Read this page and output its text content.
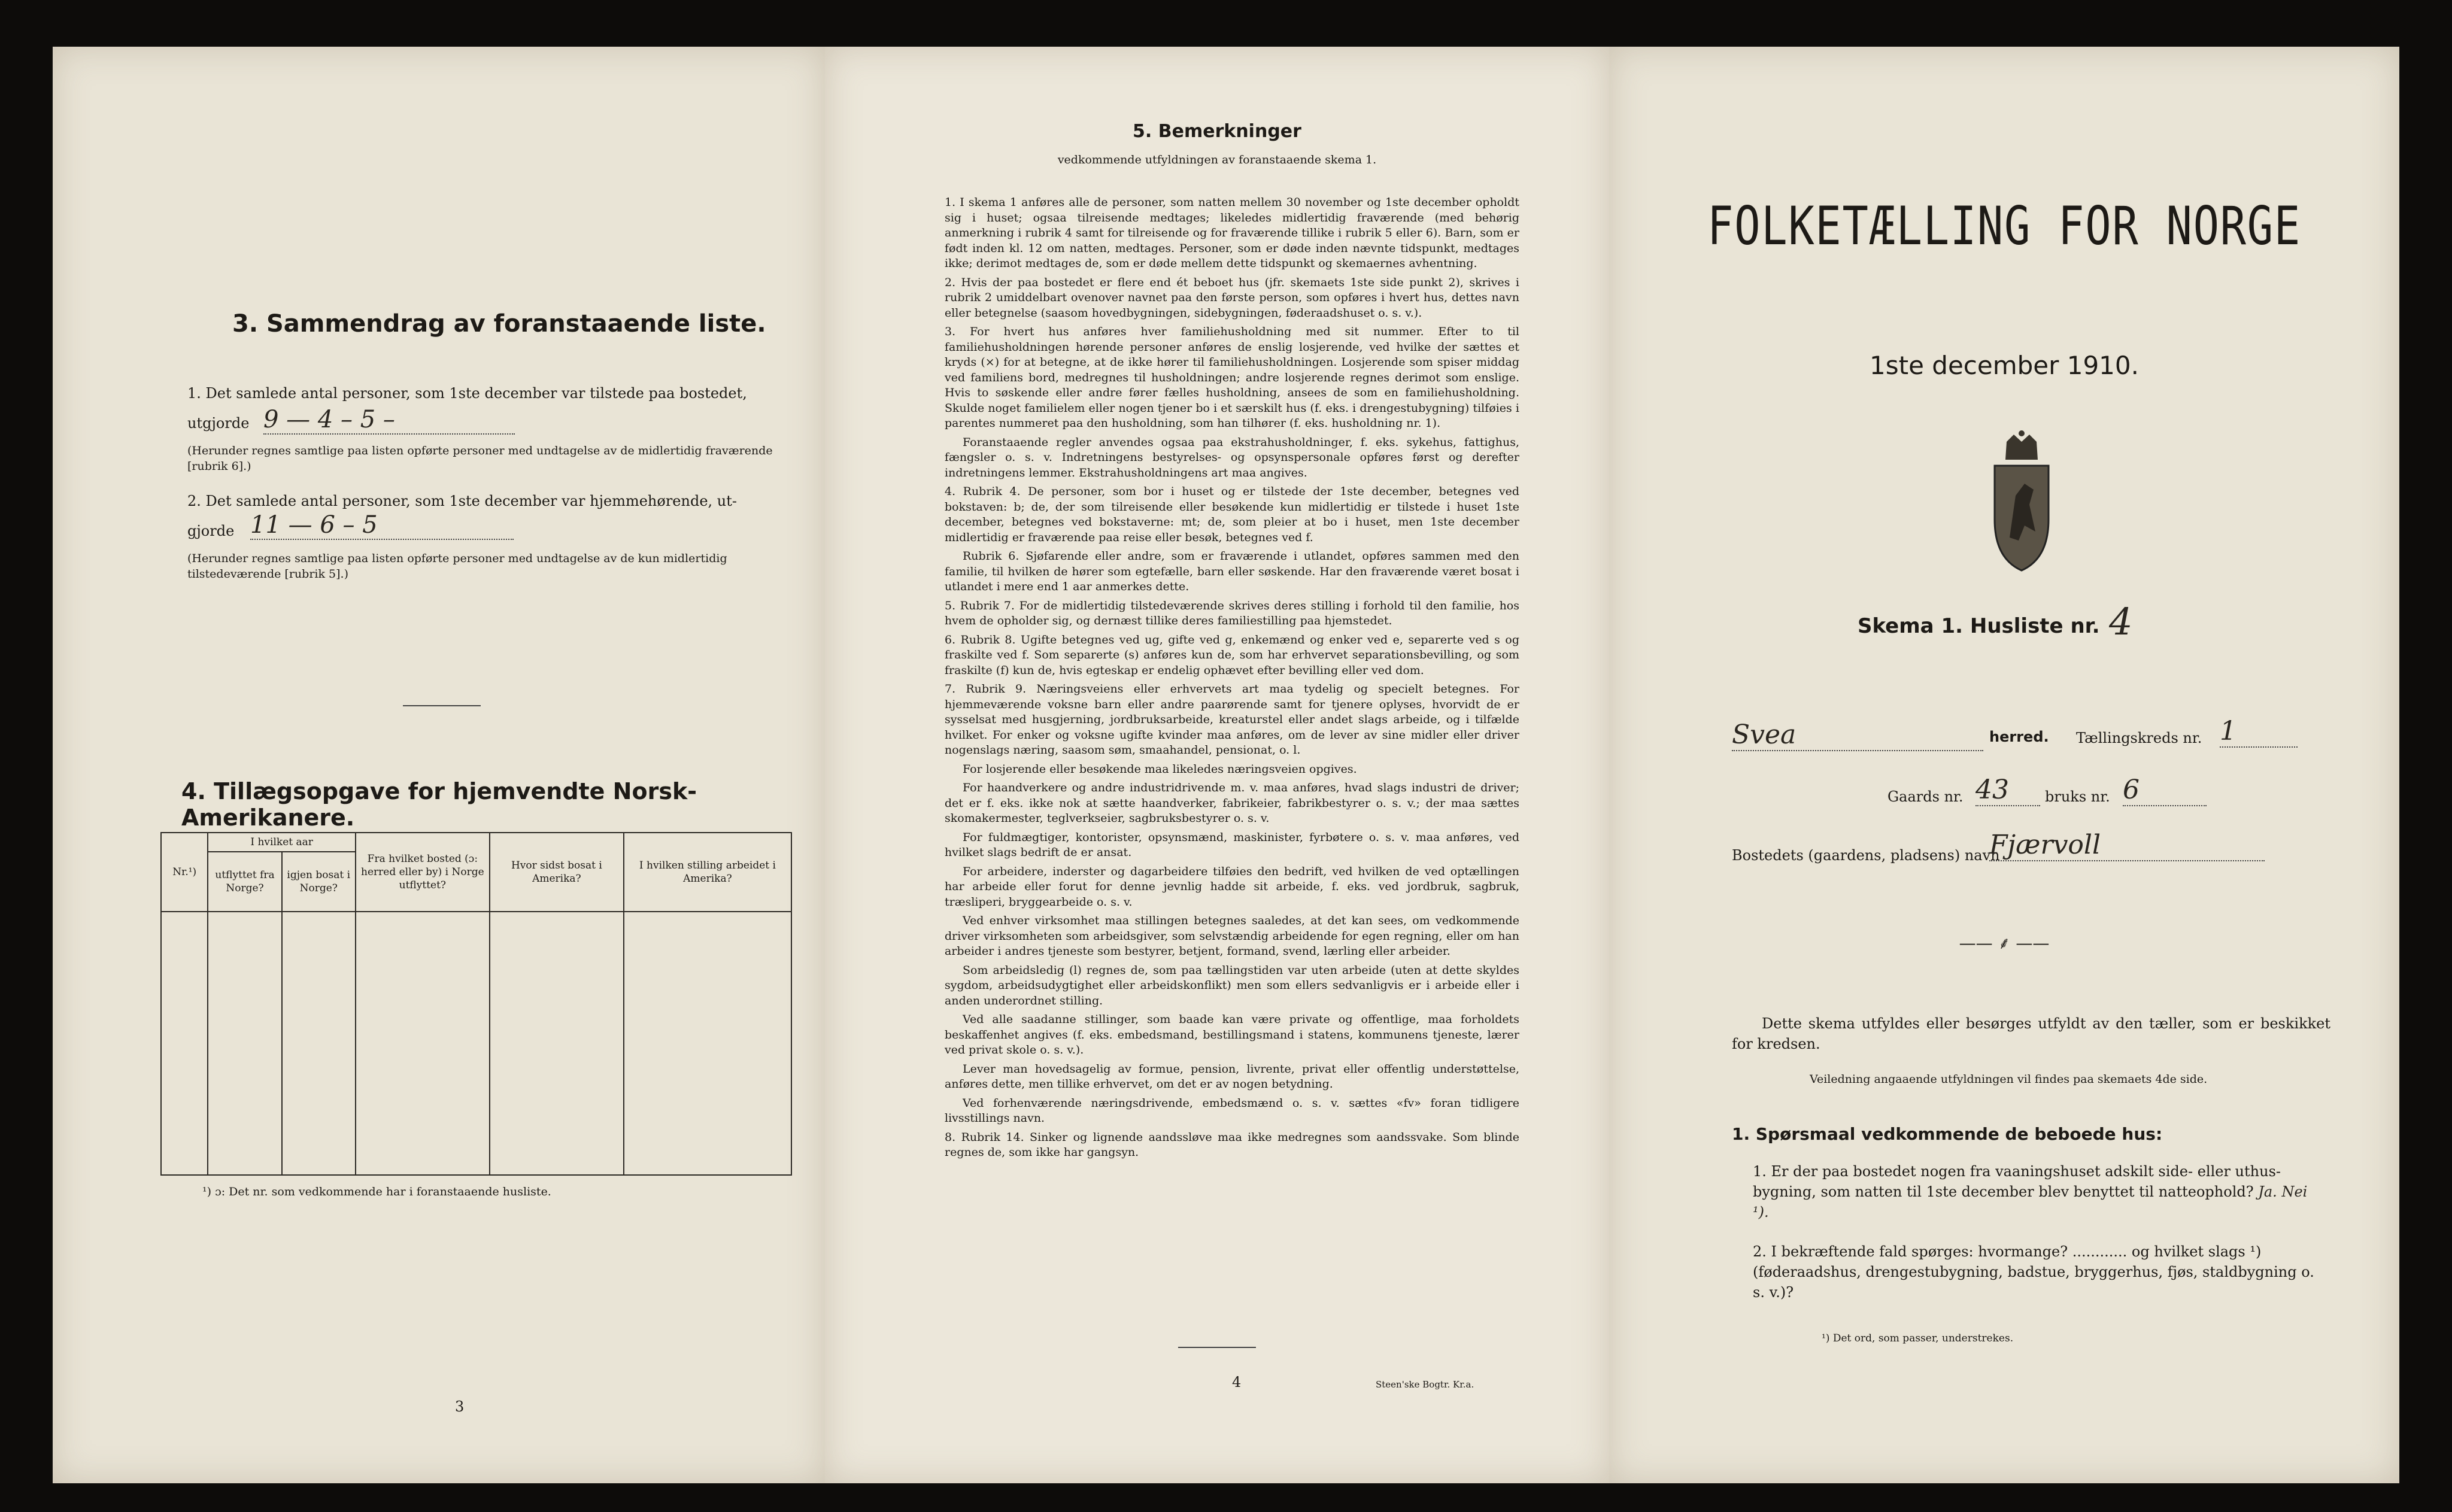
3. Sammendrag av foranstaaende liste.
1. Det samlede antal personer, som 1ste december var tilstede paa bostedet,
utgjorde 9 — 4 – 5 –
(Herunder regnes samtlige paa listen opførte personer med undtagelse av de midlertidig fraværende [rubrik 6].)
2. Det samlede antal personer, som 1ste december var hjemmehørende, ut-
gjorde 11 — 6 – 5
(Herunder regnes samtlige paa listen opførte personer med undtagelse av de kun midlertidig tilstedeværende [rubrik 5].)
4. Tillægsopgave for hjemvendte Norsk-Amerikanere.
Nr.¹)	I hvilket aar		Fra hvilket bosted (ɔ: herred eller by) i Norge utflyttet?	Hvor sidst bosat i Amerika?	I hvilken stilling arbeidet i Amerika?
	utflyttet fra Norge?	igjen bosat i Norge?			

¹) ɔ: Det nr. som vedkommende har i foranstaaende husliste.
3
5. Bemerkninger
vedkommende utfyldningen av foranstaaende skema 1.

1. I skema 1 anføres alle de personer, som natten mellem 30 november og 1ste december opholdt sig i huset; ogsaa tilreisende medtages; likeledes midlertidig fraværende (med behørig anmerkning i rubrik 4 samt for tilreisende og for fraværende tillike i rubrik 5 eller 6). Barn, som er født inden kl. 12 om natten, medtages. Personer, som er døde inden nævnte tidspunkt, medtages ikke; derimot medtages de, som er døde mellem dette tidspunkt og skemaernes avhentning.

2. Hvis der paa bostedet er flere end ét beboet hus (jfr. skemaets 1ste side punkt 2), skrives i rubrik 2 umiddelbart ovenover navnet paa den første person, som opføres i hvert hus, dettes navn eller betegnelse (saasom hovedbygningen, sidebygningen, føderaadshuset o. s. v.).

3. For hvert hus anføres hver familiehusholdning med sit nummer. Efter to til familiehusholdningen hørende personer anføres de enslig losjerende, ved hvilke der sættes et kryds (×) for at betegne, at de ikke hører til familiehusholdningen. Losjerende som spiser middag ved familiens bord, medregnes til husholdningen; andre losjerende regnes derimot som enslige. Hvis to søskende eller andre fører fælles husholdning, ansees de som en familiehusholdning. Skulde noget familielem eller nogen tjener bo i et særskilt hus (f. eks. i drengestubygning) tilføies i parentes nummeret paa den husholdning, som han tilhører (f. eks. husholdning nr. 1).

Foranstaaende regler anvendes ogsaa paa ekstrahusholdninger, f. eks. sykehus, fattighus, fængsler o. s. v. Indretningens bestyrelses- og opsynspersonale opføres først og derefter indretningens lemmer. Ekstrahusholdningens art maa angives.

4. Rubrik 4. De personer, som bor i huset og er tilstede der 1ste december, betegnes ved bokstaven: b; de, der som tilreisende eller besøkende kun midlertidig er tilstede i huset 1ste december, betegnes ved bokstaverne: mt; de, som pleier at bo i huset, men 1ste december midlertidig er fraværende paa reise eller besøk, betegnes ved f.

Rubrik 6. Sjøfarende eller andre, som er fraværende i utlandet, opføres sammen med den familie, til hvilken de hører som egtefælle, barn eller søskende. Har den fraværende været bosat i utlandet i mere end 1 aar anmerkes dette.

5. Rubrik 7. For de midlertidig tilstedeværende skrives deres stilling i forhold til den familie, hos hvem de opholder sig, og dernæst tillike deres familiestilling paa hjemstedet.

6. Rubrik 8. Ugifte betegnes ved ug, gifte ved g, enkemænd og enker ved e, separerte ved s og fraskilte ved f. Som separerte (s) anføres kun de, som har erhvervet separationsbevilling, og som fraskilte (f) kun de, hvis egteskap er endelig ophævet efter bevilling eller ved dom.

7. Rubrik 9. Næringsveiens eller erhvervets art maa tydelig og specielt betegnes. For hjemmeværende voksne barn eller andre paarørende samt for tjenere oplyses, hvorvidt de er sysselsat med husgjerning, jordbruksarbeide, kreaturstel eller andet slags arbeide, og i tilfælde hvilket. For enker og voksne ugifte kvinder maa anføres, om de lever av sine midler eller driver nogenslags næring, saasom søm, smaahandel, pensionat, o. l.

For losjerende eller besøkende maa likeledes næringsveien opgives.

For haandverkere og andre industridrivende m. v. maa anføres, hvad slags industri de driver; det er f. eks. ikke nok at sætte haandverker, fabrikeier, fabrikbestyrer o. s. v.; der maa sættes skomakermester, teglverkseier, sagbruksbestyrer o. s. v.

For fuldmægtiger, kontorister, opsynsmænd, maskinister, fyrbøtere o. s. v. maa anføres, ved hvilket slags bedrift de er ansat.

For arbeidere, inderster og dagarbeidere tilføies den bedrift, ved hvilken de ved optællingen har arbeide eller forut for denne jevnlig hadde sit arbeide, f. eks. ved jordbruk, sagbruk, træsliperi, bryggearbeide o. s. v.

Ved enhver virksomhet maa stillingen betegnes saaledes, at det kan sees, om vedkommende driver virksomheten som arbeidsgiver, som selvstændig arbeidende for egen regning, eller om han arbeider i andres tjeneste som bestyrer, betjent, formand, svend, lærling eller arbeider.

Som arbeidsledig (l) regnes de, som paa tællingstiden var uten arbeide (uten at dette skyldes sygdom, arbeidsudygtighet eller arbeidskonflikt) men som ellers sedvanligvis er i arbeide eller i anden underordnet stilling.

Ved alle saadanne stillinger, som baade kan være private og offentlige, maa forholdets beskaffenhet angives (f. eks. embedsmand, bestillingsmand i statens, kommunens tjeneste, lærer ved privat skole o. s. v.).

Lever man hovedsagelig av formue, pension, livrente, privat eller offentlig understøttelse, anføres dette, men tillike erhvervet, om det er av nogen betydning.

Ved forhenværende næringsdrivende, embedsmænd o. s. v. sættes «fv» foran tidligere livsstillings navn.

8. Rubrik 14. Sinker og lignende aandssløve maa ikke medregnes som aandssvake. Som blinde regnes de, som ikke har gangsyn.

4	Steen'ske Bogtr. Kr.a.
FOLKETÆLLING FOR NORGE
1ste december 1910.
Skema 1. Husliste nr. 4
Svea	herred. Tællingskreds nr. 1
Gaards nr. 43	bruks nr. 6
Bostedets (gaardens, pladsens) navn
Fjærvoll
—— ⸙ ——
Dette skema utfyldes eller besørges utfyldt av den tæller, som er beskikket for kredsen.
Veiledning angaaende utfyldningen vil findes paa skemaets 4de side.
1. Spørsmaal vedkommende de beboede hus:
1. Er der paa bostedet nogen fra vaaningshuset adskilt side- eller uthus-bygning, som natten til 1ste december blev benyttet til natteophold? Ja. Nei ¹).
2. I bekræftende fald spørges: hvormange? ............ og hvilket slags ¹) (føderaadshus, drengestubygning, badstue, bryggerhus, fjøs, staldbygning o. s. v.)?
¹) Det ord, som passer, understrekes.
